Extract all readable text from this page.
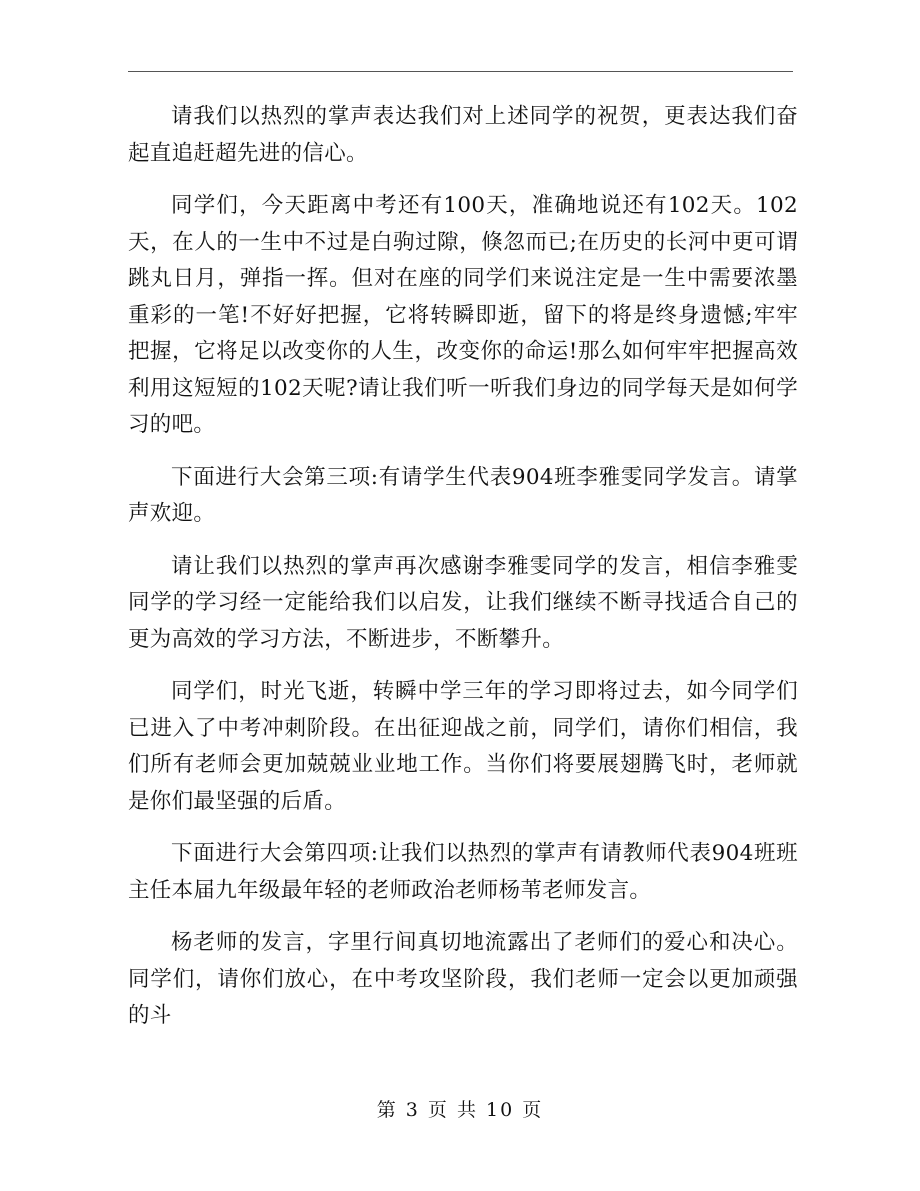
请我们以热烈的掌声表达我们对上述同学的祝贺，更表达我们奋起直追赶超先进的信心。

同学们，今天距离中考还有100天，准确地说还有102天。102天，在人的一生中不过是白驹过隙，倏忽而已;在历史的长河中更可谓跳丸日月，弹指一挥。但对在座的同学们来说注定是一生中需要浓墨重彩的一笔!不好好把握，它将转瞬即逝，留下的将是终身遗憾;牢牢把握，它将足以改变你的人生，改变你的命运!那么如何牢牢把握高效利用这短短的102天呢?请让我们听一听我们身边的同学每天是如何学习的吧。

下面进行大会第三项:有请学生代表904班李雅雯同学发言。请掌声欢迎。

请让我们以热烈的掌声再次感谢李雅雯同学的发言，相信李雅雯同学的学习经一定能给我们以启发，让我们继续不断寻找适合自己的更为高效的学习方法，不断进步，不断攀升。

同学们，时光飞逝，转瞬中学三年的学习即将过去，如今同学们已进入了中考冲刺阶段。在出征迎战之前，同学们，请你们相信，我们所有老师会更加兢兢业业地工作。当你们将要展翅腾飞时，老师就是你们最坚强的后盾。

下面进行大会第四项:让我们以热烈的掌声有请教师代表904班班主任本届九年级最年轻的老师政治老师杨苇老师发言。

杨老师的发言，字里行间真切地流露出了老师们的爱心和决心。同学们，请你们放心，在中考攻坚阶段，我们老师一定会以更加顽强的斗

第 3 页 共 10 页
